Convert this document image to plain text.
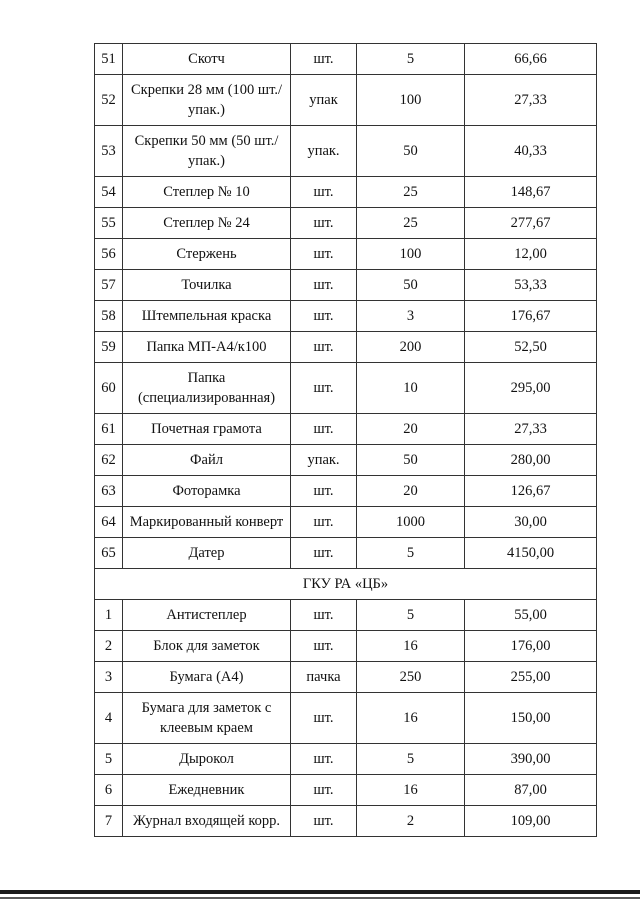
51	Скотч	шт.	5	66,66
52	Скрепки 28 мм (100 шт./упак.)	упак	100	27,33
53	Скрепки 50 мм (50 шт./упак.)	упак.	50	40,33
54	Степлер № 10	шт.	25	148,67
55	Степлер № 24	шт.	25	277,67
56	Стержень	шт.	100	12,00
57	Точилка	шт.	50	53,33
58	Штемпельная краска	шт.	3	176,67
59	Папка МП-А4/к100	шт.	200	52,50
60	Папка (специализированная)	шт.	10	295,00
61	Почетная грамота	шт.	20	27,33
62	Файл	упак.	50	280,00
63	Фоторамка	шт.	20	126,67
64	Маркированный конверт	шт.	1000	30,00
65	Датер	шт.	5	4150,00
ГКУ РА «ЦБ»				
1	Антистеплер	шт.	5	55,00
2	Блок для заметок	шт.	16	176,00
3	Бумага (А4)	пачка	250	255,00
4	Бумага для заметок с клеевым краем	шт.	16	150,00
5	Дырокол	шт.	5	390,00
6	Ежедневник	шт.	16	87,00
7	Журнал входящей корр.	шт.	2	109,00
